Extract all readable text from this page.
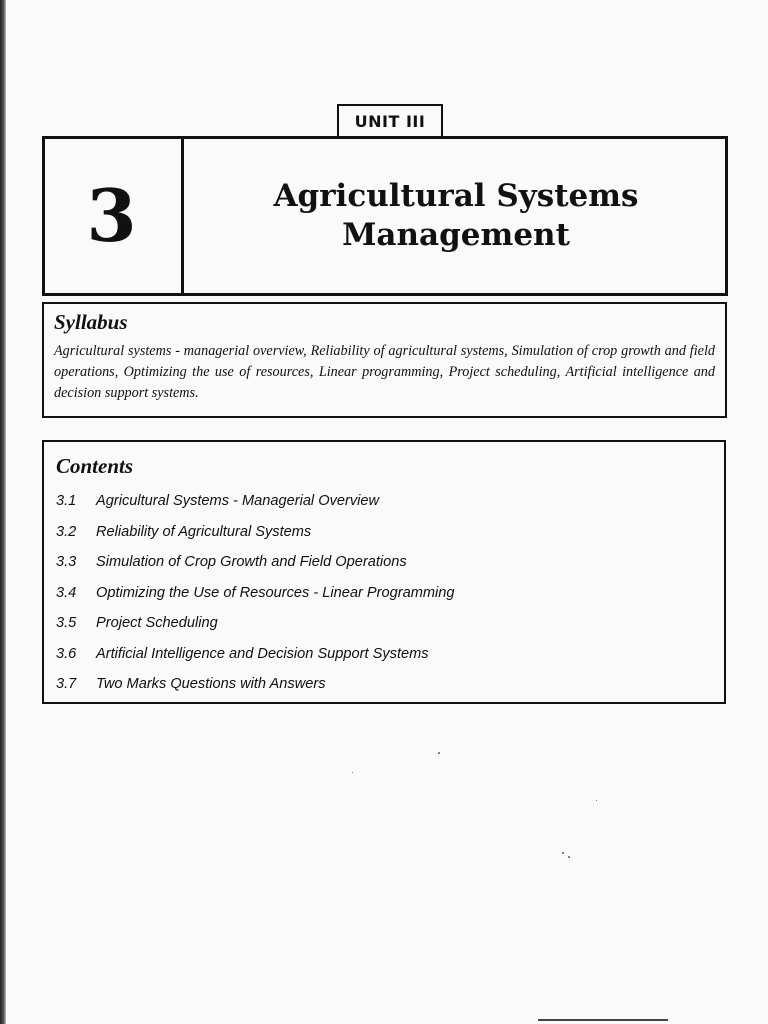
UNIT III
3	Agricultural Systems
Management

Syllabus

Agricultural systems - managerial overview, Reliability of agricultural systems, Simulation of crop growth and field operations, Optimizing the use of resources, Linear programming, Project scheduling, Artificial intelligence and decision support systems.

Contents

3.1	Agricultural Systems - Managerial Overview
3.2	Reliability of Agricultural Systems
3.3	Simulation of Crop Growth and Field Operations
3.4	Optimizing the Use of Resources - Linear Programming
3.5	Project Scheduling
3.6	Artificial Intelligence and Decision Support Systems
3.7	Two Marks Questions with Answers
